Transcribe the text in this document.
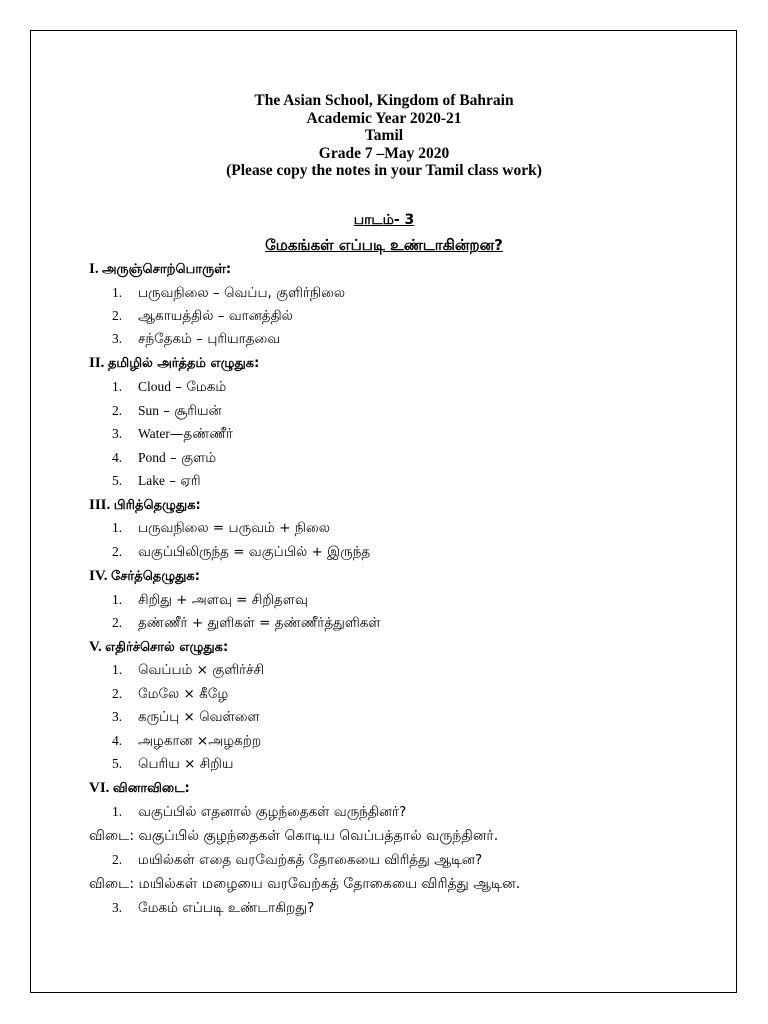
The Asian School, Kingdom of Bahrain
Academic Year 2020-21
Tamil
Grade 7 –May 2020
(Please copy the notes in your Tamil class work)
பாடம்- 3
மேகங்கள் எப்படி உண்டாகின்றன?
I. அருஞ்சொற்பொருள்:
1. பருவநிலை – வெப்ப, குளிர்நிலை
2. ஆகாயத்தில் – வானத்தில்
3. சந்தேகம் – புரியாதவை
II. தமிழில் அர்த்தம் எழுதுக:
1. Cloud – மேகம்
2. Sun – சூரியன்
3. Water—தண்ணீர்
4. Pond – குளம்
5. Lake – ஏரி
III. பிரித்தெழுதுக:
1. பருவநிலை = பருவம் + நிலை
2. வகுப்பிலிருந்த = வகுப்பில் + இருந்த
IV. சேர்த்தெழுதுக:
1. சிறிது + அளவு = சிறிதளவு
2. தண்ணீர் + துளிகள் = தண்ணீர்த்துளிகள்
V. எதிர்ச்சொல் எழுதுக:
1. வெப்பம் × குளிர்ச்சி
2. மேலே × கீழே
3. கருப்பு × வெள்ளை
4. அழகான ×அழகற்ற
5. பெரிய × சிறிய
VI. வினாவிடை:
1. வகுப்பில் எதனால் குழந்தைகள் வருந்தினர்?
விடை: வகுப்பில் குழந்தைகள் கொடிய வெப்பத்தால் வருந்தினர்.
2. மயில்கள் எதை வரவேற்கத் தோகையை விரித்து ஆடின?
விடை: மயில்கள் மழையை வரவேற்கத் தோகையை விரித்து ஆடின.
3. மேகம் எப்படி உண்டாகிறது?
